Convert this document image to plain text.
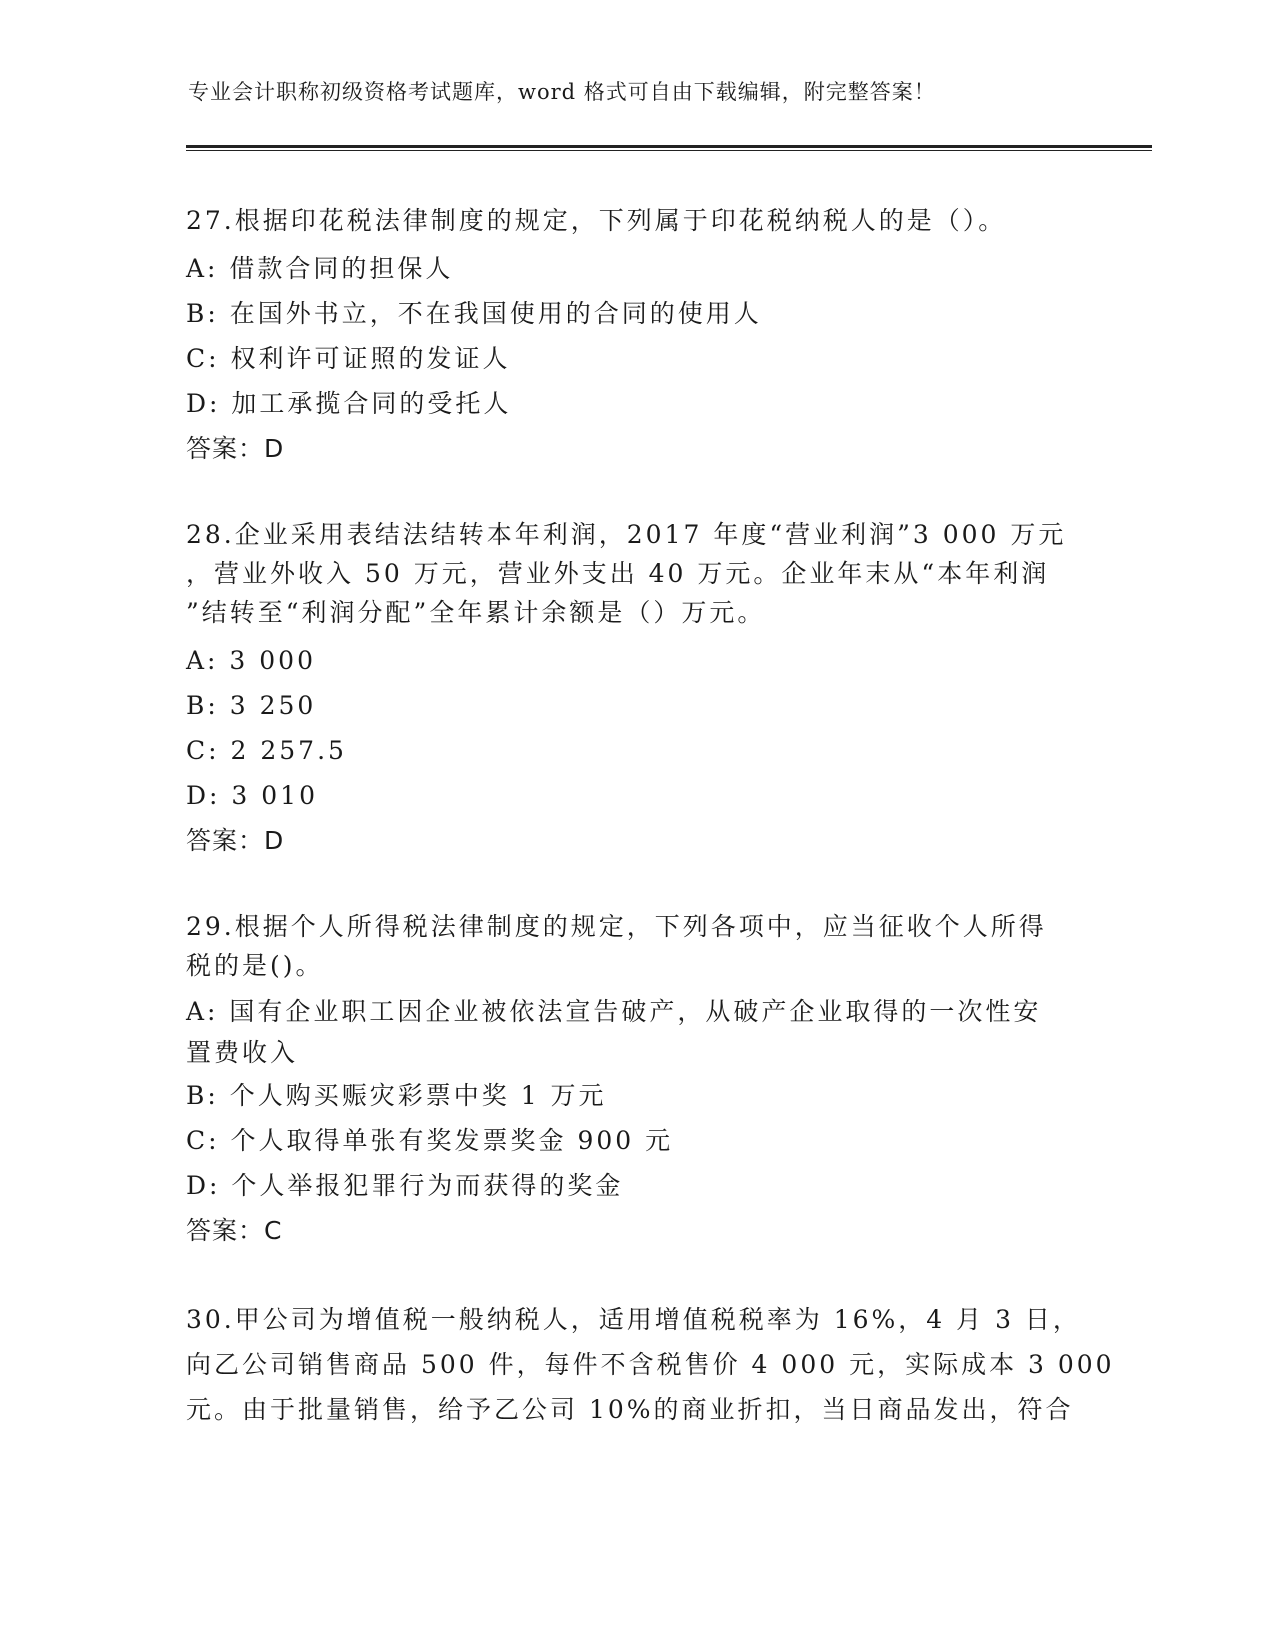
专业会计职称初级资格考试题库，word 格式可自由下载编辑，附完整答案！

27.根据印花税法律制度的规定，下列属于印花税纳税人的是（）。

A: 借款合同的担保人

B: 在国外书立，不在我国使用的合同的使用人

C: 权利许可证照的发证人

D: 加工承揽合同的受托人

答案：D

28.企业采用表结法结转本年利润，2017 年度“营业利润”3 000 万元

，营业外收入 50 万元，营业外支出 40 万元。企业年末从“本年利润

”结转至“利润分配”全年累计余额是（）万元。

A: 3 000

B: 3 250

C: 2 257.5

D: 3 010

答案：D

29.根据个人所得税法律制度的规定，下列各项中，应当征收个人所得

税的是()。

A: 国有企业职工因企业被依法宣告破产，从破产企业取得的一次性安

置费收入

B: 个人购买赈灾彩票中奖 1 万元

C: 个人取得单张有奖发票奖金 900 元

D: 个人举报犯罪行为而获得的奖金

答案：C

30.甲公司为增值税一般纳税人，适用增值税税率为 16%，4 月 3 日，

向乙公司销售商品 500 件，每件不含税售价 4 000 元，实际成本 3 000

元。由于批量销售，给予乙公司 10%的商业折扣，当日商品发出，符合
